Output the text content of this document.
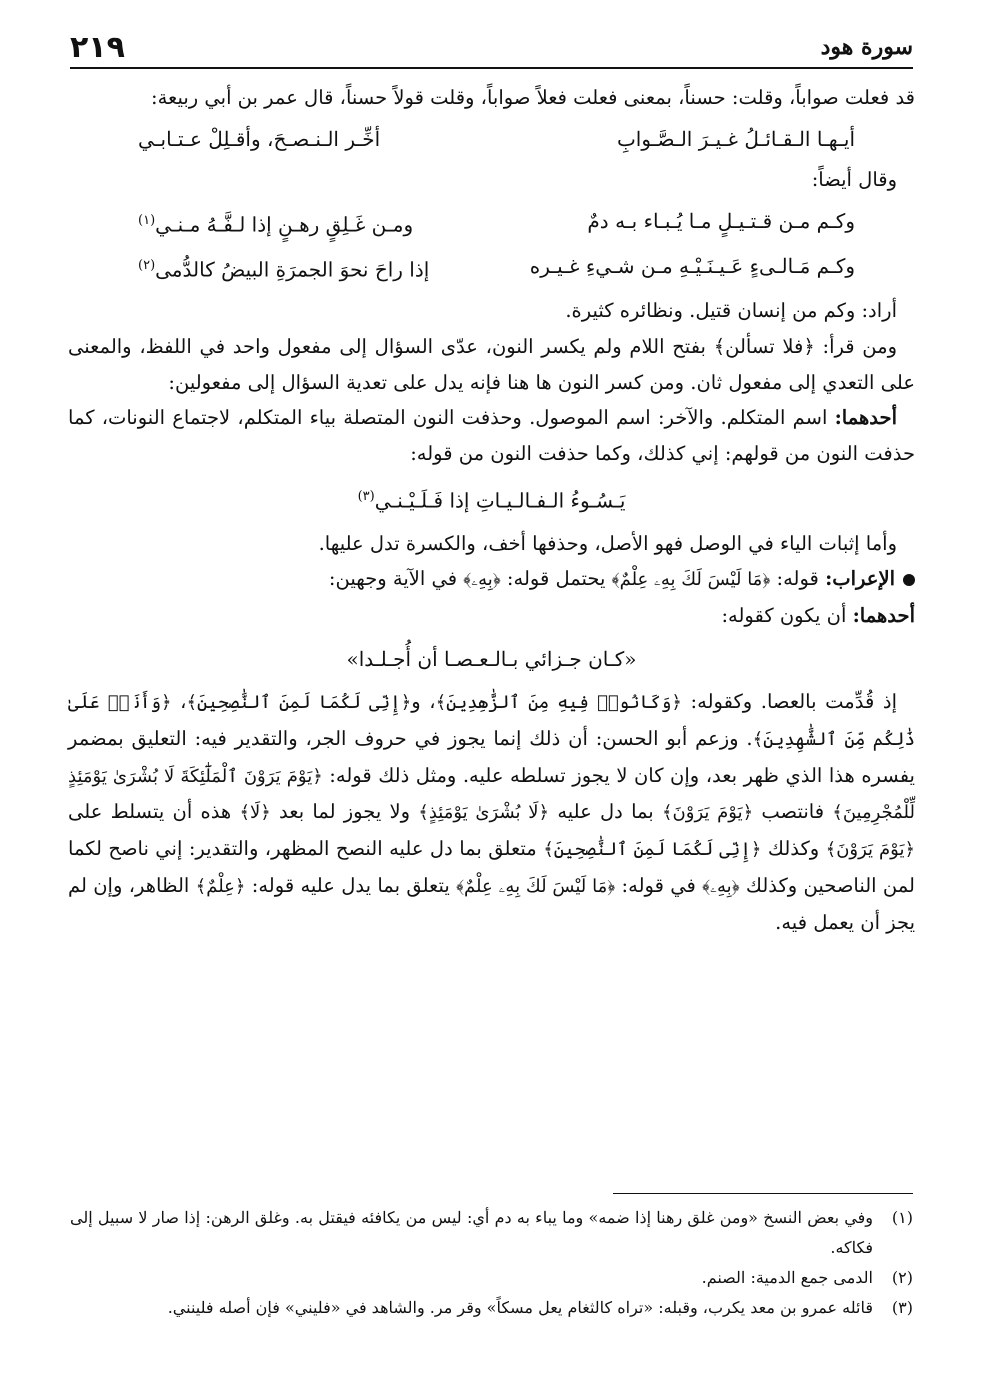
سورة هود
٢١٩

قد فعلت صواباً، وقلت: حسناً، بمعنى فعلت فعلاً صواباً، وقلت قولاً حسناً، قال عمر بن أبي ربيعة:

أيـهـا الـقـائـلُ غـيـرَ الـصَّـوابِ
أخِّـر الـنـصـحَ، وأقـلِلْ عـتـابـي

وقال أيضاً:

وكـم مـن قـتـيـلٍ مـا يُـبـاء بـه دمٌ
ومـن غَـلِقٍ رهـنٍ إذا لـفَّـهُ مـنـي$^{(١)}$
وكـم مَـالـىءٍ عَـيـنَـيْـهِ مـن شـيءِ غـيـره
إذا راحَ نحوَ الجمرَةِ البيضُ كالدُّمى$^{(٢)}$

أراد: وكم من إنسان قتيل. ونظائره كثيرة.

ومن قرأ: ﴿فلا تسألن﴾ بفتح اللام ولم يكسر النون، عدّى السؤال إلى مفعول واحد في اللفظ، والمعنى على التعدي إلى مفعول ثان. ومن كسر النون ها هنا فإنه يدل على تعدية السؤال إلى مفعولين:

أحدهما: اسم المتكلم. والآخر: اسم الموصول. وحذفت النون المتصلة بياء المتكلم، لاجتماع النونات، كما حذفت النون من قولهم: إني كذلك، وكما حذفت النون من قوله:

يَـسُـوءُ الـفـالـيـاتِ إذا فَـلَـيْـنـي$^{(٣)}$

وأما إثبات الياء في الوصل فهو الأصل، وحذفها أخف، والكسرة تدل عليها.

الإعراب: قوله: ﴿مَا لَيْسَ لَكَ بِهِۦ عِلْمٌ﴾ يحتمل قوله: ﴿بِهِۦ﴾ في الآية وجهين:

أحدهما: أن يكون كقوله:

«كـان جـزائي بـالـعـصـا أن أُجـلـدا»

إذ قُدِّمت بالعصا. وكقوله: ﴿وَكَانُوا۟ فِيهِ مِنَ ٱلزَّٰهِدِينَ﴾، و﴿إِنِّى لَكُمَا لَمِنَ ٱلنَّٰصِحِينَ﴾، ﴿وَأَنَا۠ عَلَىٰ ذَٰلِكُم مِّنَ ٱلشَّٰهِدِينَ﴾. وزعم أبو الحسن: أن ذلك إنما يجوز في حروف الجر، والتقدير فيه: التعليق بمضمر يفسره هذا الذي ظهر بعد، وإن كان لا يجوز تسلطه عليه. ومثل ذلك قوله: ﴿يَوْمَ يَرَوْنَ ٱلْمَلَٰٓئِكَةَ لَا بُشْرَىٰ يَوْمَئِذٍ لِّلْمُجْرِمِينَ﴾ فانتصب ﴿يَوْمَ يَرَوْنَ﴾ بما دل عليه ﴿لَا بُشْرَىٰ يَوْمَئِذٍ﴾ ولا يجوز لما بعد ﴿لَا﴾ هذه أن يتسلط على ﴿يَوْمَ يَرَوْنَ﴾ وكذلك ﴿إِنِّى لَكُمَا لَمِنَ ٱلنَّٰصِحِينَ﴾ متعلق بما دل عليه النصح المظهر، والتقدير: إني ناصح لكما لمن الناصحين وكذلك ﴿بِهِۦ﴾ في قوله: ﴿مَا لَيْسَ لَكَ بِهِۦ عِلْمٌ﴾ يتعلق بما يدل عليه قوله: ﴿عِلْمٌ﴾ الظاهر، وإن لم يجز أن يعمل فيه.

(١)
وفي بعض النسخ «ومن غلق رهنا إذا ضمه» وما يباء به دم أي: ليس من يكافئه فيقتل به. وغلق الرهن: إذا صار لا سبيل إلى فكاكه.
(٢)
الدمى جمع الدمية: الصنم.
(٣)
قائله عمرو بن معد يكرب، وقبله: «تراه كالثغام يعل مسكاً» وقر مر. والشاهد في «فليني» فإن أصله فلينني.
